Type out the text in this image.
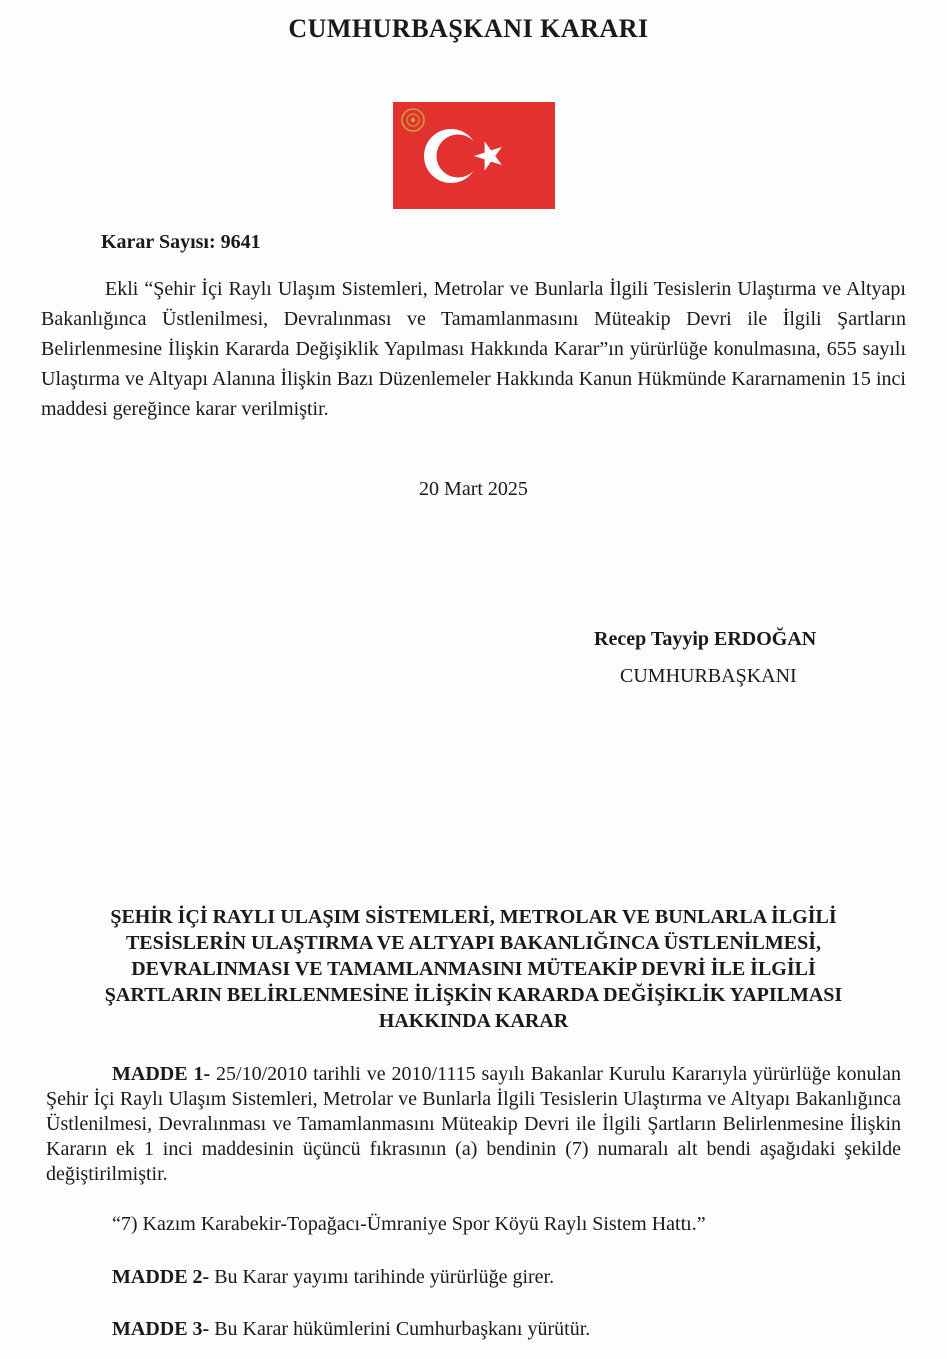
CUMHURBAŞKANI KARARI
Karar Sayısı: 9641
Ekli “Şehir İçi Raylı Ulaşım Sistemleri, Metrolar ve Bunlarla İlgili Tesislerin Ulaştırma ve Altyapı Bakanlığınca Üstlenilmesi, Devralınması ve Tamamlanmasını Müteakip Devri ile İlgili Şartların Belirlenmesine İlişkin Kararda Değişiklik Yapılması Hakkında Karar”ın yürürlüğe konulmasına, 655 sayılı Ulaştırma ve Altyapı Alanına İlişkin Bazı Düzenlemeler Hakkında Kanun Hükmünde Kararnamenin 15 inci maddesi gereğince karar verilmiştir.
20 Mart 2025
Recep Tayyip ERDOĞAN
CUMHURBAŞKANI
ŞEHİR İÇİ RAYLI ULAŞIM SİSTEMLERİ, METROLAR VE BUNLARLA İLGİLİ
TESİSLERİN ULAŞTIRMA VE ALTYAPI BAKANLIĞINCA ÜSTLENİLMESİ,
DEVRALINMASI VE TAMAMLANMASINI MÜTEAKİP DEVRİ İLE İLGİLİ
ŞARTLARIN BELİRLENMESİNE İLİŞKİN KARARDA DEĞİŞİKLİK YAPILMASI
HAKKINDA KARAR
MADDE 1- 25/10/2010 tarihli ve 2010/1115 sayılı Bakanlar Kurulu Kararıyla yürürlüğe konulan Şehir İçi Raylı Ulaşım Sistemleri, Metrolar ve Bunlarla İlgili Tesislerin Ulaştırma ve Altyapı Bakanlığınca Üstlenilmesi, Devralınması ve Tamamlanmasını Müteakip Devri ile İlgili Şartların Belirlenmesine İlişkin Kararın ek 1 inci maddesinin üçüncü fıkrasının (a) bendinin (7) numaralı alt bendi aşağıdaki şekilde değiştirilmiştir.
“7) Kazım Karabekir-Topağacı-Ümraniye Spor Köyü Raylı Sistem Hattı.”
MADDE 2- Bu Karar yayımı tarihinde yürürlüğe girer.
MADDE 3- Bu Karar hükümlerini Cumhurbaşkanı yürütür.
